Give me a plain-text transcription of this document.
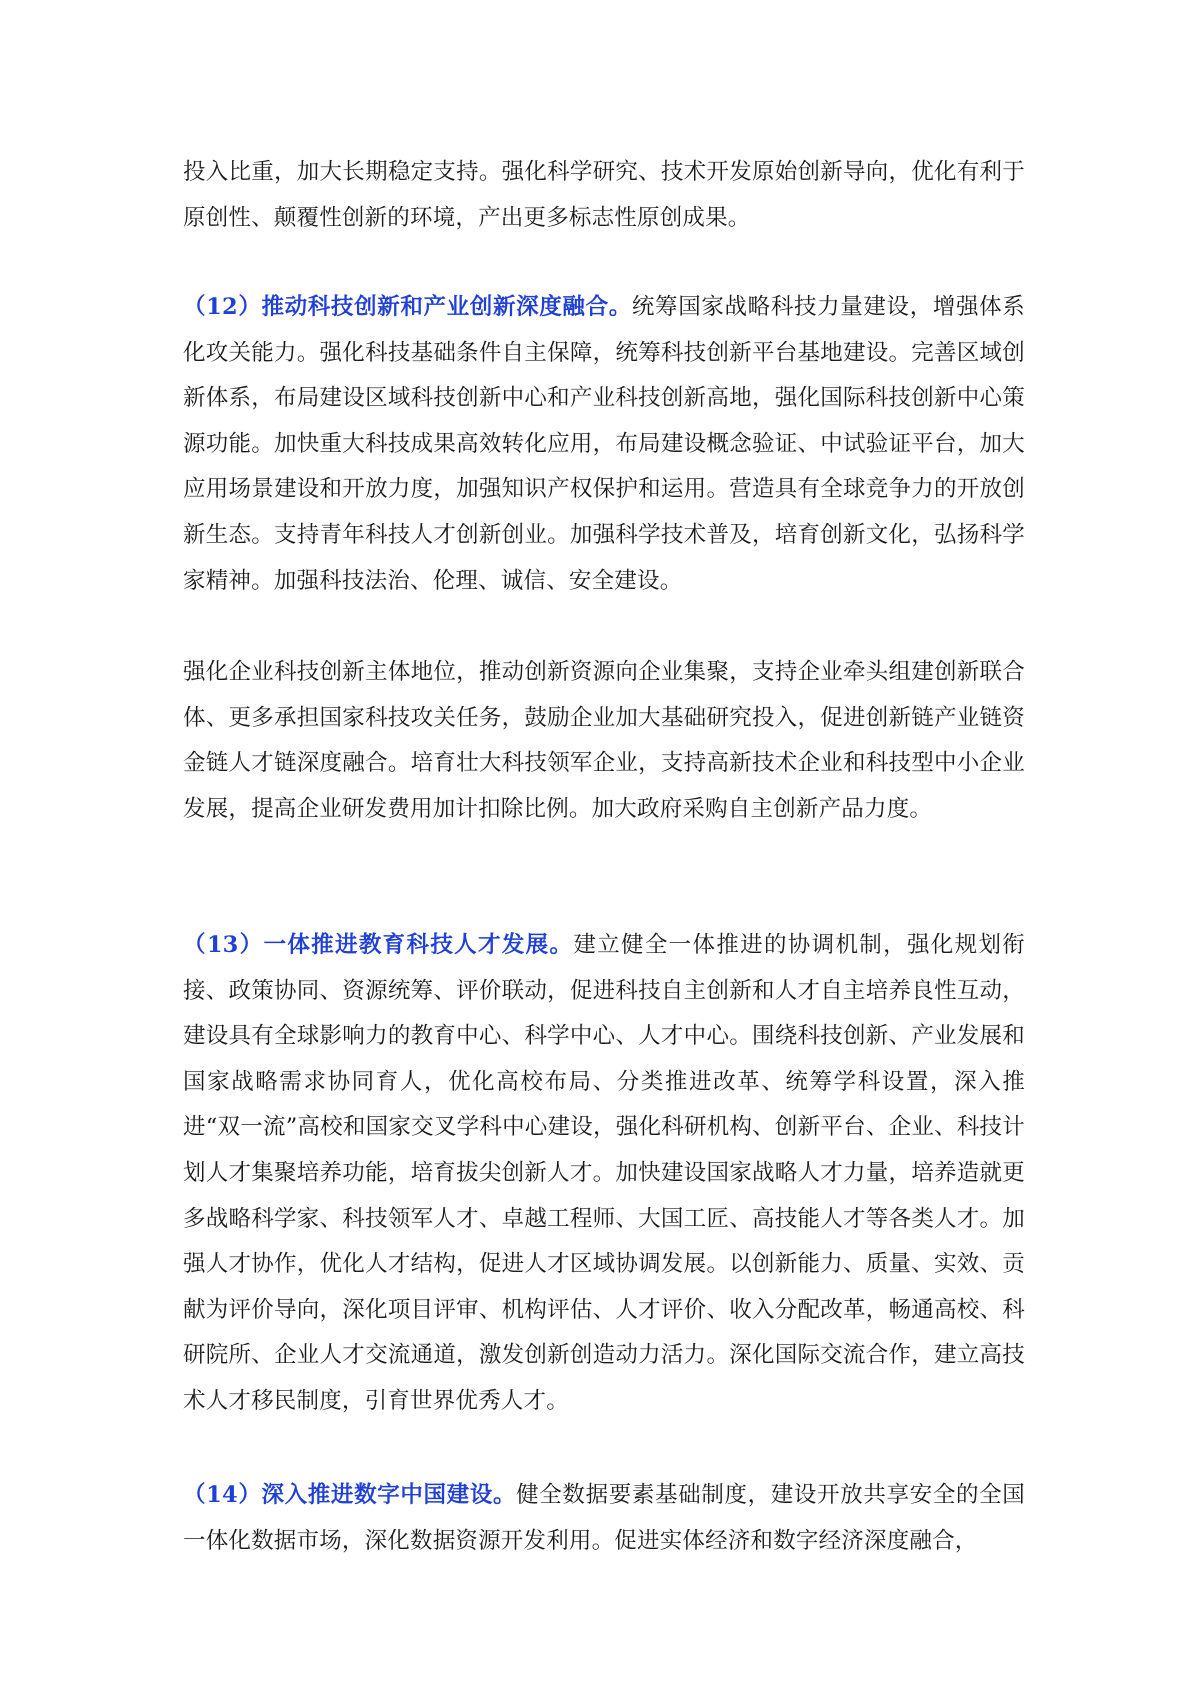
投入比重，加大长期稳定支持。强化科学研究、技术开发原始创新导向，优化有利于原创性、颠覆性创新的环境，产出更多标志性原创成果。

（12）推动科技创新和产业创新深度融合。统筹国家战略科技力量建设，增强体系化攻关能力。强化科技基础条件自主保障，统筹科技创新平台基地建设。完善区域创新体系，布局建设区域科技创新中心和产业科技创新高地，强化国际科技创新中心策源功能。加快重大科技成果高效转化应用，布局建设概念验证、中试验证平台，加大应用场景建设和开放力度，加强知识产权保护和运用。营造具有全球竞争力的开放创新生态。支持青年科技人才创新创业。加强科学技术普及，培育创新文化，弘扬科学家精神。加强科技法治、伦理、诚信、安全建设。

强化企业科技创新主体地位，推动创新资源向企业集聚，支持企业牵头组建创新联合体、更多承担国家科技攻关任务，鼓励企业加大基础研究投入，促进创新链产业链资金链人才链深度融合。培育壮大科技领军企业，支持高新技术企业和科技型中小企业发展，提高企业研发费用加计扣除比例。加大政府采购自主创新产品力度。

（13）一体推进教育科技人才发展。建立健全一体推进的协调机制，强化规划衔接、政策协同、资源统筹、评价联动，促进科技自主创新和人才自主培养良性互动，建设具有全球影响力的教育中心、科学中心、人才中心。围绕科技创新、产业发展和国家战略需求协同育人，优化高校布局、分类推进改革、统筹学科设置，深入推进“双一流”高校和国家交叉学科中心建设，强化科研机构、创新平台、企业、科技计划人才集聚培养功能，培育拔尖创新人才。加快建设国家战略人才力量，培养造就更多战略科学家、科技领军人才、卓越工程师、大国工匠、高技能人才等各类人才。加强人才协作，优化人才结构，促进人才区域协调发展。以创新能力、质量、实效、贡献为评价导向，深化项目评审、机构评估、人才评价、收入分配改革，畅通高校、科研院所、企业人才交流通道，激发创新创造动力活力。深化国际交流合作，建立高技术人才移民制度，引育世界优秀人才。

（14）深入推进数字中国建设。健全数据要素基础制度，建设开放共享安全的全国一体化数据市场，深化数据资源开发利用。促进实体经济和数字经济深度融合，
